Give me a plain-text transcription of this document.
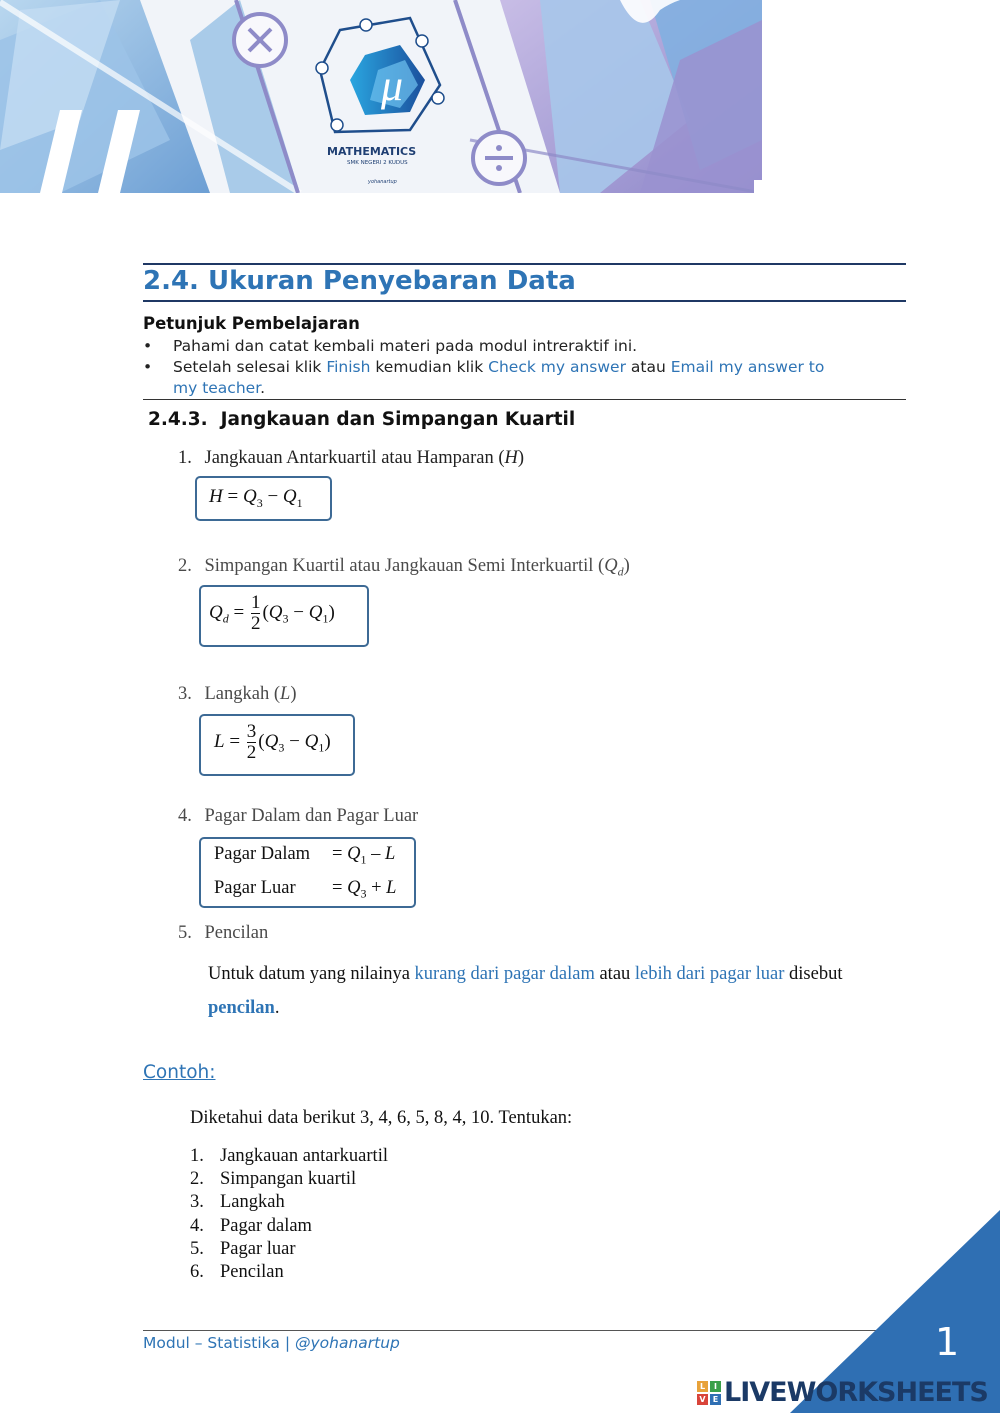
μ
MATHEMATICS
SMK NEGERI 2 KUDUS
yohanartup
2.4. Ukuran Penyebaran Data
Petunjuk Pembelajaran
• Pahami dan catat kembali materi pada modul intreraktif ini.
• Setelah selesai klik Finish kemudian klik Check my answer atau Email my answer to
my teacher.
2.4.3.  Jangkauan dan Simpangan Kuartil
1. Jangkauan Antarkuartil atau Hamparan (H)
$H = Q_3 - Q_1$
2. Simpangan Kuartil atau Jangkauan Semi Interkuartil $(Q_d)$
$Q_d = \frac{1}{2} (Q_3 - Q_1)$
3. Langkah (L)
$L = \frac{3}{2} (Q_3 - Q_1)$
4. Pagar Dalam dan Pagar Luar
Pagar Dalam = $Q_1$ – L
Pagar Luar = $Q_3 + L$
5. Pencilan
Untuk datum yang nilainya kurang dari pagar dalam atau lebih dari pagar luar disebut
pencilan.
Contoh:
Diketahui data berikut 3, 4, 6, 5, 8, 4, 10. Tentukan:
1. Jangkauan antarkuartil
2. Simpangan kuartil
3. Langkah
4. Pagar dalam
5. Pagar luar
6. Pencilan
Modul – Statistika | @yohanartup	1
L	I
V E LIVEWORKSHEETS
